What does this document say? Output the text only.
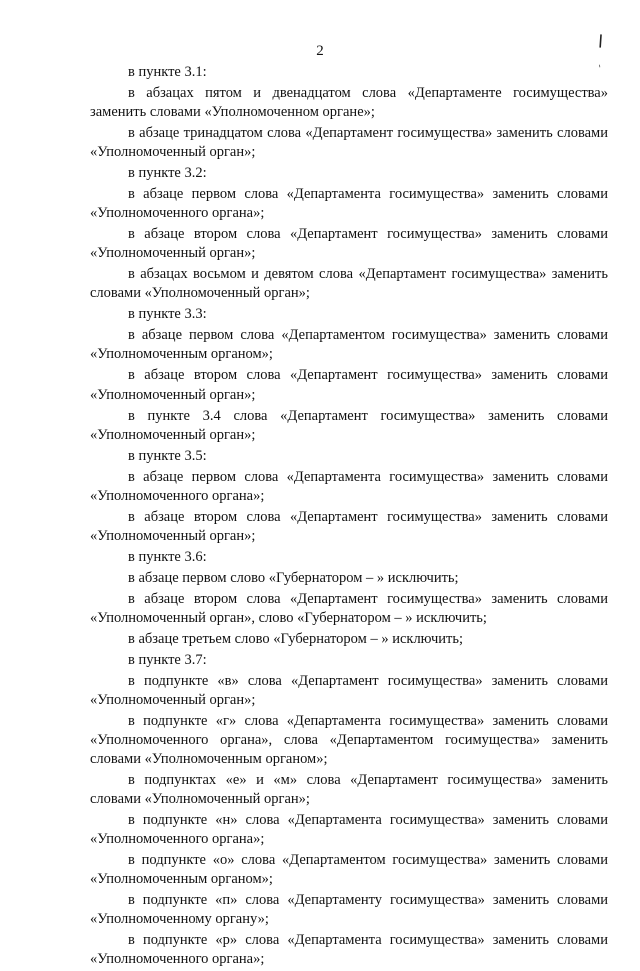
2

в пункте 3.1:

в абзацах пятом и двенадцатом слова «Департаменте госимущества» заменить словами «Уполномоченном органе»;

в абзаце тринадцатом слова «Департамент госимущества» заменить словами «Уполномоченный орган»;

в пункте 3.2:

в абзаце первом слова «Департамента госимущества» заменить словами «Уполномоченного органа»;

в абзаце втором слова «Департамент госимущества» заменить словами «Уполномоченный орган»;

в абзацах восьмом и девятом слова «Департамент госимущества» заменить словами «Уполномоченный орган»;

в пункте 3.3:

в абзаце первом слова «Департаментом госимущества» заменить словами «Уполномоченным органом»;

в абзаце втором слова «Департамент госимущества» заменить словами «Уполномоченный орган»;

в пункте 3.4 слова «Департамент госимущества» заменить словами «Уполномоченный орган»;

в пункте 3.5:

в абзаце первом слова «Департамента госимущества» заменить словами «Уполномоченного органа»;

в абзаце втором слова «Департамент госимущества» заменить словами «Уполномоченный орган»;

в пункте 3.6:

в абзаце первом слово «Губернатором – » исключить;

в абзаце втором слова «Департамент госимущества» заменить словами «Уполномоченный орган», слово «Губернатором – » исключить;

в абзаце третьем слово «Губернатором – » исключить;

в пункте 3.7:

в подпункте «в» слова «Департамент госимущества» заменить словами «Уполномоченный орган»;

в подпункте «г» слова «Департамента госимущества» заменить словами «Уполномоченного органа», слова «Департаментом госимущества» заменить словами «Уполномоченным органом»;

в подпунктах «е» и «м» слова «Департамент госимущества» заменить словами «Уполномоченный орган»;

в подпункте «н» слова «Департамента госимущества» заменить словами «Уполномоченного органа»;

в подпункте «о» слова «Департаментом госимущества» заменить словами «Уполномоченным органом»;

в подпункте «п» слова «Департаменту госимущества» заменить словами «Уполномоченному органу»;

в подпункте «р» слова «Департамента госимущества» заменить словами «Уполномоченного органа»;
